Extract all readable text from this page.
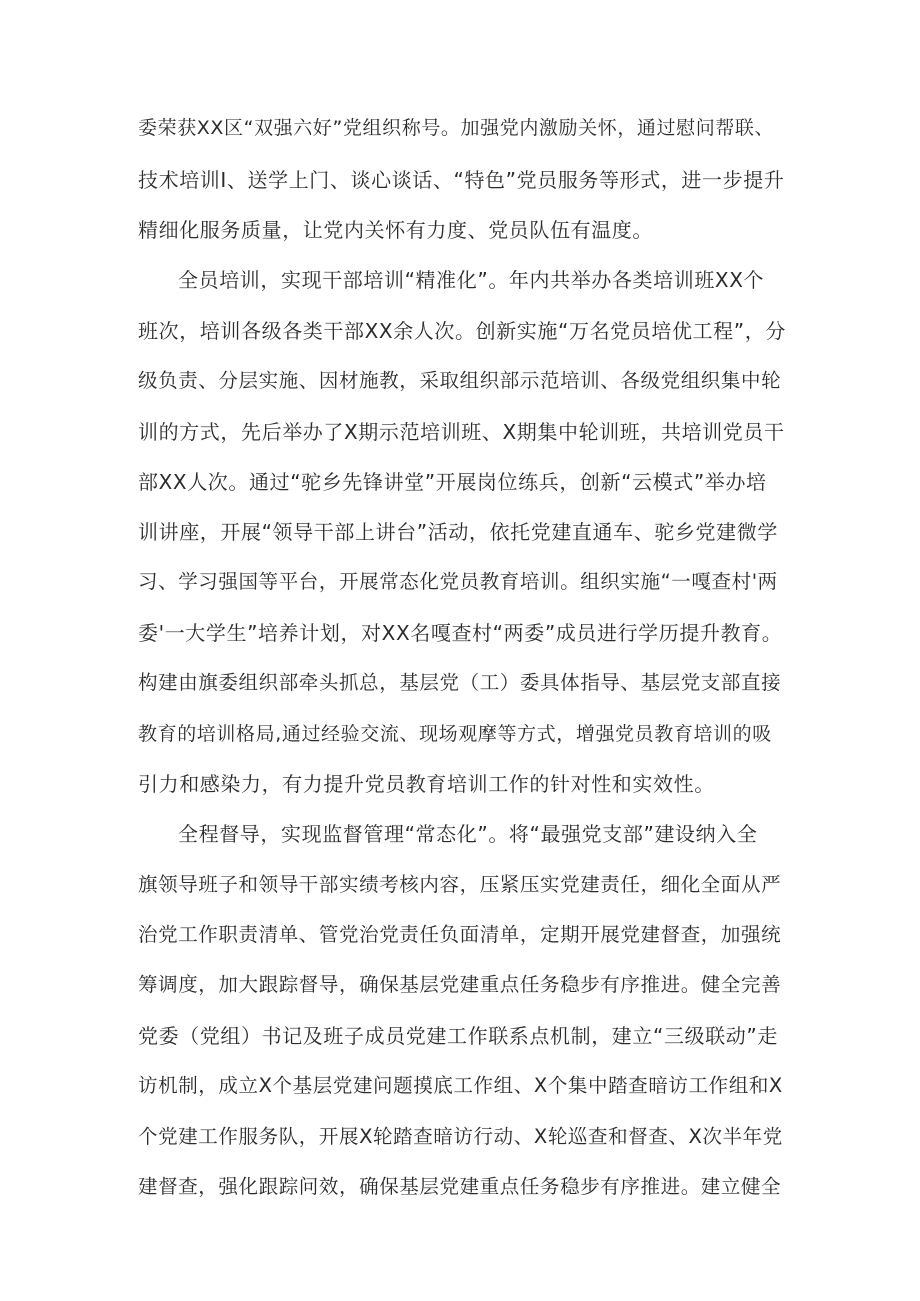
委荣获XX区“双强六好”党组织称号。加强党内激励关怀，通过慰问帮联、

技术培训I、送学上门、谈心谈话、“特色”党员服务等形式，进一步提升

精细化服务质量，让党内关怀有力度、党员队伍有温度。

全员培训，实现干部培训“精准化”。年内共举办各类培训班XX个

班次，培训各级各类干部XX余人次。创新实施“万名党员培优工程”，分

级负责、分层实施、因材施教，采取组织部示范培训、各级党组织集中轮

训的方式，先后举办了X期示范培训班、X期集中轮训班，共培训党员干

部XX人次。通过“驼乡先锋讲堂”开展岗位练兵，创新“云模式”举办培

训讲座，开展“领导干部上讲台”活动，依托党建直通车、驼乡党建微学

习、学习强国等平台，开展常态化党员教育培训。组织实施“一嘎查村'两

委'一大学生”培养计划，对XX名嘎查村“两委”成员进行学历提升教育。

构建由旗委组织部牵头抓总，基层党（工）委具体指导、基层党支部直接

教育的培训格局,通过经验交流、现场观摩等方式，增强党员教育培训的吸

引力和感染力，有力提升党员教育培训工作的针对性和实效性。

全程督导，实现监督管理“常态化”。将“最强党支部”建设纳入全

旗领导班子和领导干部实绩考核内容，压紧压实党建责任，细化全面从严

治党工作职责清单、管党治党责任负面清单，定期开展党建督查，加强统

筹调度，加大跟踪督导，确保基层党建重点任务稳步有序推进。健全完善

党委（党组）书记及班子成员党建工作联系点机制，建立“三级联动”走

访机制，成立X个基层党建问题摸底工作组、X个集中踏查暗访工作组和X

个党建工作服务队，开展X轮踏查暗访行动、X轮巡查和督查、X次半年党

建督查，强化跟踪问效，确保基层党建重点任务稳步有序推进。建立健全
